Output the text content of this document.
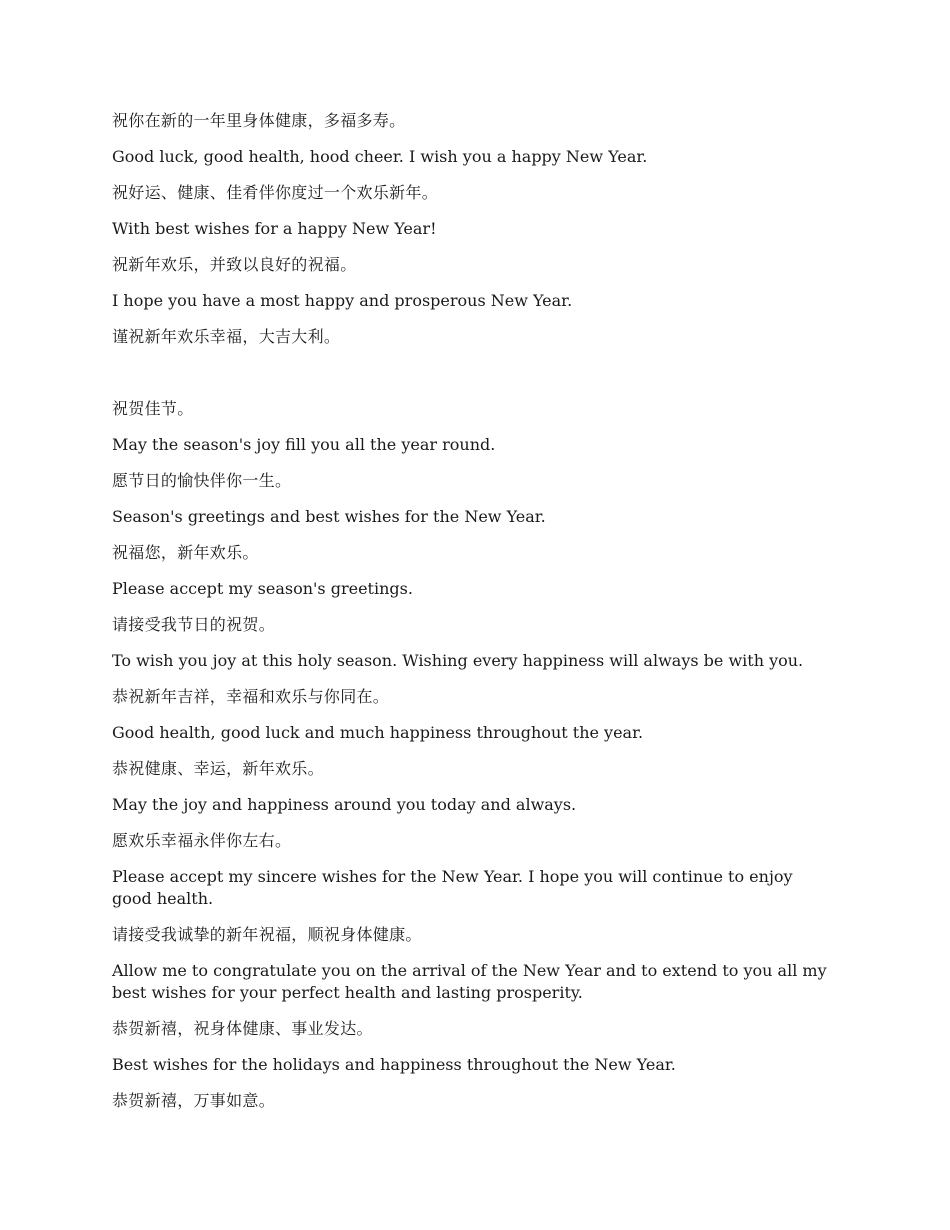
祝你在新的一年里身体健康，多福多寿。

Good luck, good health, hood cheer. I wish you a happy New Year.

祝好运、健康、佳肴伴你度过一个欢乐新年。

With best wishes for a happy New Year!

祝新年欢乐，并致以良好的祝福。

I hope you have a most happy and prosperous New Year.

谨祝新年欢乐幸福，大吉大利。

祝贺佳节。

May the season's joy fill you all the year round.

愿节日的愉快伴你一生。

Season's greetings and best wishes for the New Year.

祝福您，新年欢乐。

Please accept my season's greetings.

请接受我节日的祝贺。

To wish you joy at this holy season. Wishing every happiness will always be with you.

恭祝新年吉祥，幸福和欢乐与你同在。

Good health, good luck and much happiness throughout the year.

恭祝健康、幸运，新年欢乐。

May the joy and happiness around you today and always.

愿欢乐幸福永伴你左右。

Please accept my sincere wishes for the New Year. I hope you will continue to enjoy good health.

请接受我诚挚的新年祝福，顺祝身体健康。

Allow me to congratulate you on the arrival of the New Year and to extend to you all my best wishes for your perfect health and lasting prosperity.

恭贺新禧，祝身体健康、事业发达。

Best wishes for the holidays and happiness throughout the New Year.

恭贺新禧，万事如意。
